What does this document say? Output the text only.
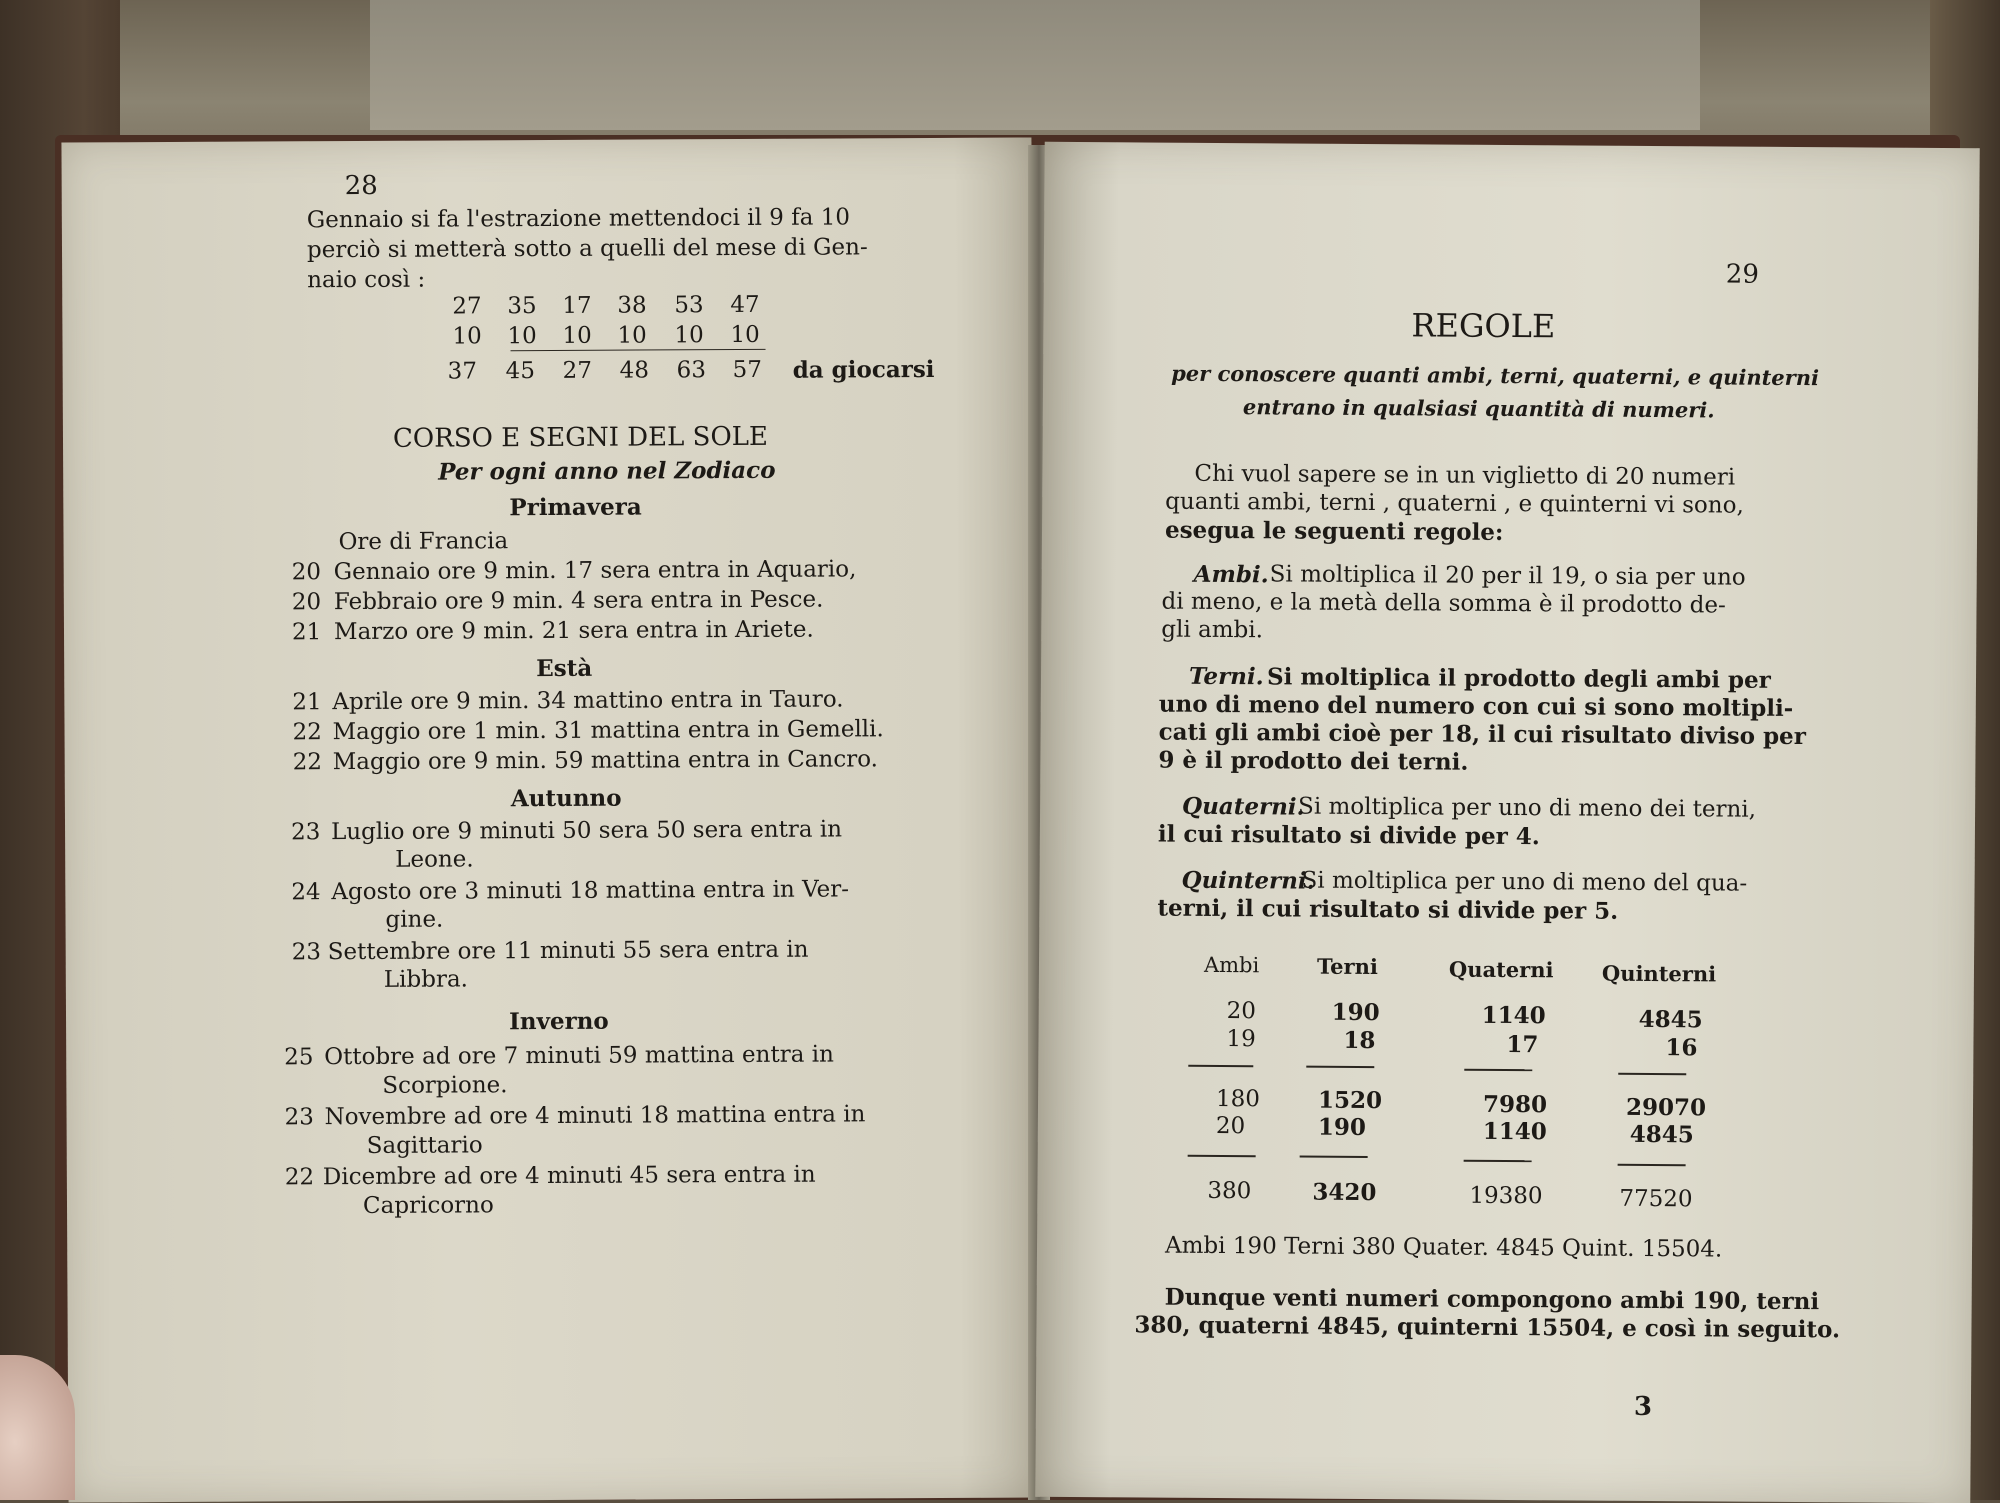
28
Gennaio si fa l'estrazione mettendoci il 9 fa 10
perciò si metterà sotto a quelli del mese di Gen-
naio così :
27 35 17 38 53 47
10 10 10 10 10 10
37 45 27 48 63 57 da giocarsi
CORSO E SEGNI DEL SOLE
Per ogni anno nel Zodiaco
Primavera
Ore di Francia
20 Gennaio ore 9 min. 17 sera entra in Aquario,
20 Febbraio ore 9 min. 4 sera entra in Pesce.
21 Marzo ore 9 min. 21 sera entra in Ariete.
Està
21 Aprile ore 9 min. 34 mattino entra in Tauro.
22 Maggio ore 1 min. 31 mattina entra in Gemelli.
22 Maggio ore 9 min. 59 mattina entra in Cancro.
Autunno
23 Luglio ore 9 minuti 50 sera 50 sera entra in
Leone.
24 Agosto ore 3 minuti 18 mattina entra in Ver-
gine.
23 Settembre ore 11 minuti 55 sera entra in
Libbra.
Inverno
25 Ottobre ad ore 7 minuti 59 mattina entra in
Scorpione.
23 Novembre ad ore 4 minuti 18 mattina entra in
Sagittario
22 Dicembre ad ore 4 minuti 45 sera entra in
Capricorno
29
REGOLE
per conoscere quanti ambi, terni, quaterni, e quinterni
entrano in qualsiasi quantità di numeri.
Chi vuol sapere se in un viglietto di 20 numeri
quanti ambi, terni , quaterni , e quinterni vi sono,
esegua le seguenti regole:
Ambi. Si moltiplica il 20 per il 19, o sia per uno
di meno, e la metà della somma è il prodotto de-
gli ambi.
Terni. Si moltiplica il prodotto degli ambi per
uno di meno del numero con cui si sono moltipli-
cati gli ambi cioè per 18, il cui risultato diviso per
9 è il prodotto dei terni.
Quaterni.
Si moltiplica per uno di meno dei terni,
il cui risultato si divide per 4.
Quinterni.
Si moltiplica per uno di meno del qua-
terni, il cui risultato si divide per 5.
Ambi	Terni	Quaterni Quinterni
20	190	1140	4845
19	18	17	16
180	1520	7980	29070
20	190	1140	4845
380	3420	19380	77520
Ambi 190 Terni 380 Quater. 4845 Quint. 15504.
Dunque venti numeri compongono ambi 190, terni
380, quaterni 4845, quinterni 15504, e così in seguito.
3
